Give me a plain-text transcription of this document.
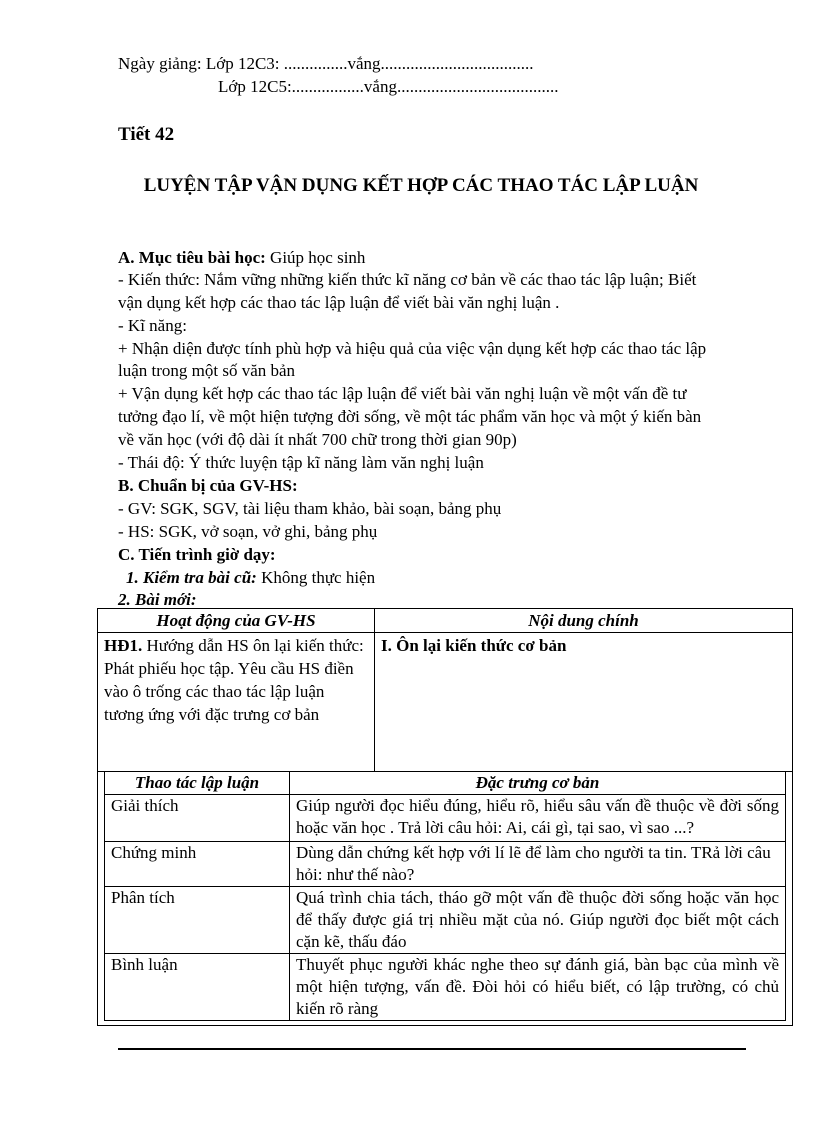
Ngày giảng: Lớp 12C3: ...............vắng....................................
Lớp 12C5:.................vắng......................................
Tiết 42
LUYỆN TẬP VẬN DỤNG KẾT HỢP CÁC THAO TÁC LẬP LUẬN
A. Mục tiêu bài học: Giúp học sinh
- Kiến thức: Nắm vững những kiến thức kĩ năng cơ bản về các thao tác lập luận; Biết
vận dụng kết hợp các thao tác lập luận để viết bài văn nghị luận .
- Kĩ năng:
+ Nhận diện được tính phù hợp và hiệu quả của việc vận dụng kết hợp các thao tác lập
luận trong một số văn bản
+ Vận dụng kết hợp các thao tác lập luận để viết bài văn nghị luận về một vấn đề tư
tưởng đạo lí, về một hiện tượng đời sống, về một tác phẩm văn học và một ý kiến bàn
về văn học (với độ dài ít nhất 700 chữ trong thời gian 90p)
- Thái độ: Ý thức luyện tập kĩ năng làm văn nghị luận
B. Chuẩn bị của GV-HS:
- GV: SGK, SGV, tài liệu tham khảo, bài soạn, bảng phụ
- HS: SGK, vở soạn, vở ghi, bảng phụ
C. Tiến trình giờ dạy:
1. Kiểm tra bài cũ: Không thực hiện
2. Bài mới:
Hoạt động của GV-HS	Nội dung chính

HĐ1. Hướng dẫn HS ôn lại kiến thức:
Phát phiếu học tập. Yêu cầu HS điền vào ô trống các thao tác lập luận tương ứng với đặc trưng cơ bản	I. Ôn lại kiến thức cơ bản
Thao tác lập luận	Đặc trưng cơ bản
Giải thích	Giúp người đọc hiểu đúng, hiểu rõ, hiểu sâu vấn đề thuộc về đời sống hoặc văn học . Trả lời câu hỏi: Ai, cái gì, tại sao, vì sao ...?
Chứng minh	Dùng dẫn chứng kết hợp với lí lẽ để làm cho người ta tin. TRả lời câu hỏi: như thế nào?
Phân tích	Quá trình chia tách, tháo gỡ một vấn đề thuộc đời sống hoặc văn học để thấy được giá trị nhiều mặt của nó. Giúp người đọc biết một cách cặn kẽ, thấu đáo
Bình luận	Thuyết phục người khác nghe theo sự đánh giá, bàn bạc của mình về một hiện tượng, vấn đề. Đòi hỏi có hiểu biết, có lập trường, có chủ kiến rõ ràng
